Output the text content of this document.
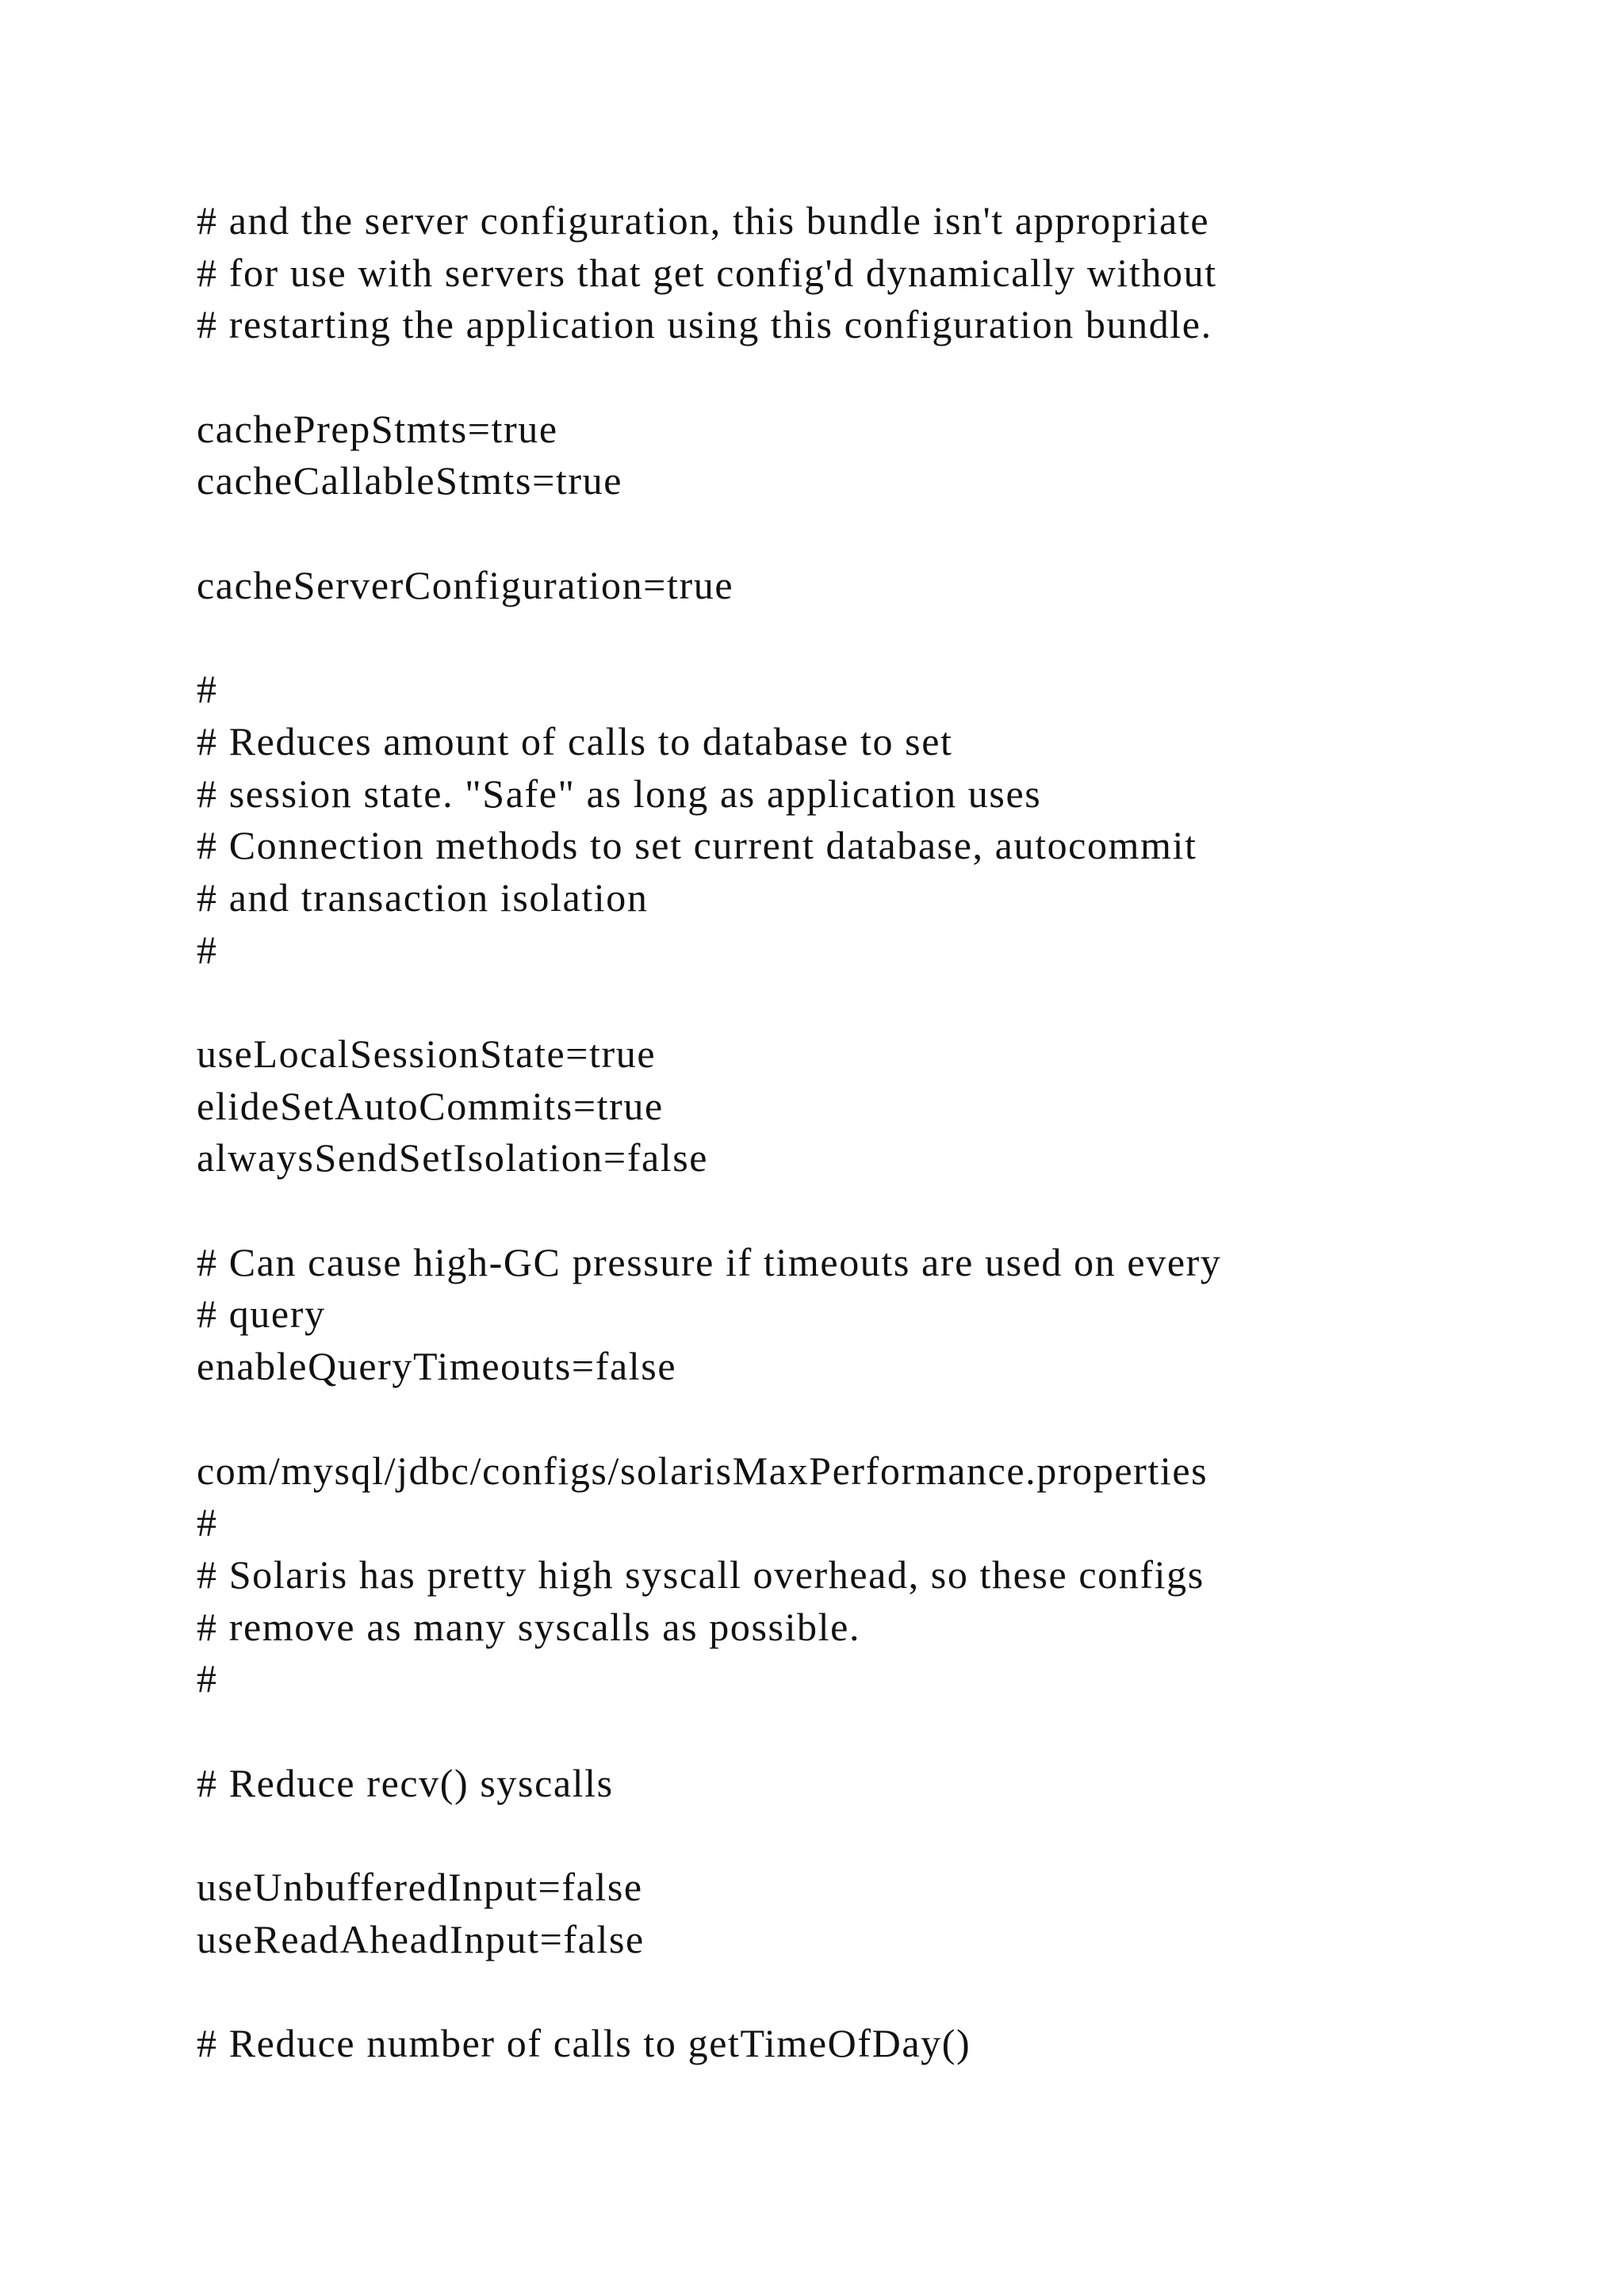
# and the server configuration, this bundle isn't appropriate
# for use with servers that get config'd dynamically without
# restarting the application using this configuration bundle.
cachePrepStmts=true
cacheCallableStmts=true
cacheServerConfiguration=true
#
# Reduces amount of calls to database to set
# session state. "Safe" as long as application uses
# Connection methods to set current database, autocommit
# and transaction isolation
#
useLocalSessionState=true
elideSetAutoCommits=true
alwaysSendSetIsolation=false
# Can cause high-GC pressure if timeouts are used on every
# query
enableQueryTimeouts=false
com/mysql/jdbc/configs/solarisMaxPerformance.properties
#
# Solaris has pretty high syscall overhead, so these configs
# remove as many syscalls as possible.
#
# Reduce recv() syscalls
useUnbufferedInput=false
useReadAheadInput=false
# Reduce number of calls to getTimeOfDay()
